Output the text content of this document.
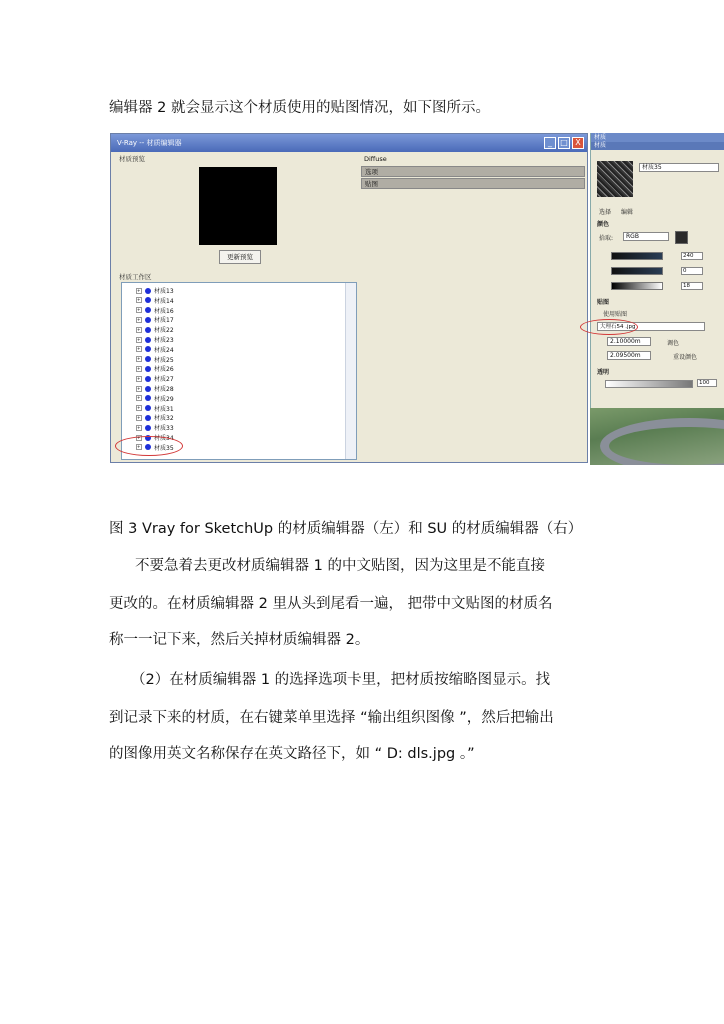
编辑器 2 就会显示这个材质使用的贴图情况，如下图所示。
V-Ray -- 材质编辑器	_	□ X
材质预览
更新预览
材质工作区
+ 材质13
+ 材质14
+ 材质16
+ 材质17
+ 材质22
+ 材质23
+ 材质24
+ 材质25
+ 材质26
+ 材质27
+ 材质28
+ 材质29
+ 材质31
+ 材质32
+ 材质33
+ 材质34
+ 材质35
Diffuse
选项
贴图
材质
材质
材质35
选择 编辑
颜色
拾取:	RGB
240
0
18
贴图
使用贴图
大理石54 .jpg
2.10000m
2.09500m
调色
重设颜色
透明
100
图 3 Vray for SketchUp 的材质编辑器（左）和 SU 的材质编辑器（右）
不要急着去更改材质编辑器 1 的中文贴图，因为这里是不能直接
更改的。在材质编辑器 2 里从头到尾看一遍， 把带中文贴图的材质名
称一一记下来，然后关掉材质编辑器 2。
（2）在材质编辑器 1 的选择选项卡里，把材质按缩略图显示。找
到记录下来的材质，在右键菜单里选择 “输出组织图像 ”，然后把输出
的图像用英文名称保存在英文路径下，如 “ D: dls.jpg 。”
